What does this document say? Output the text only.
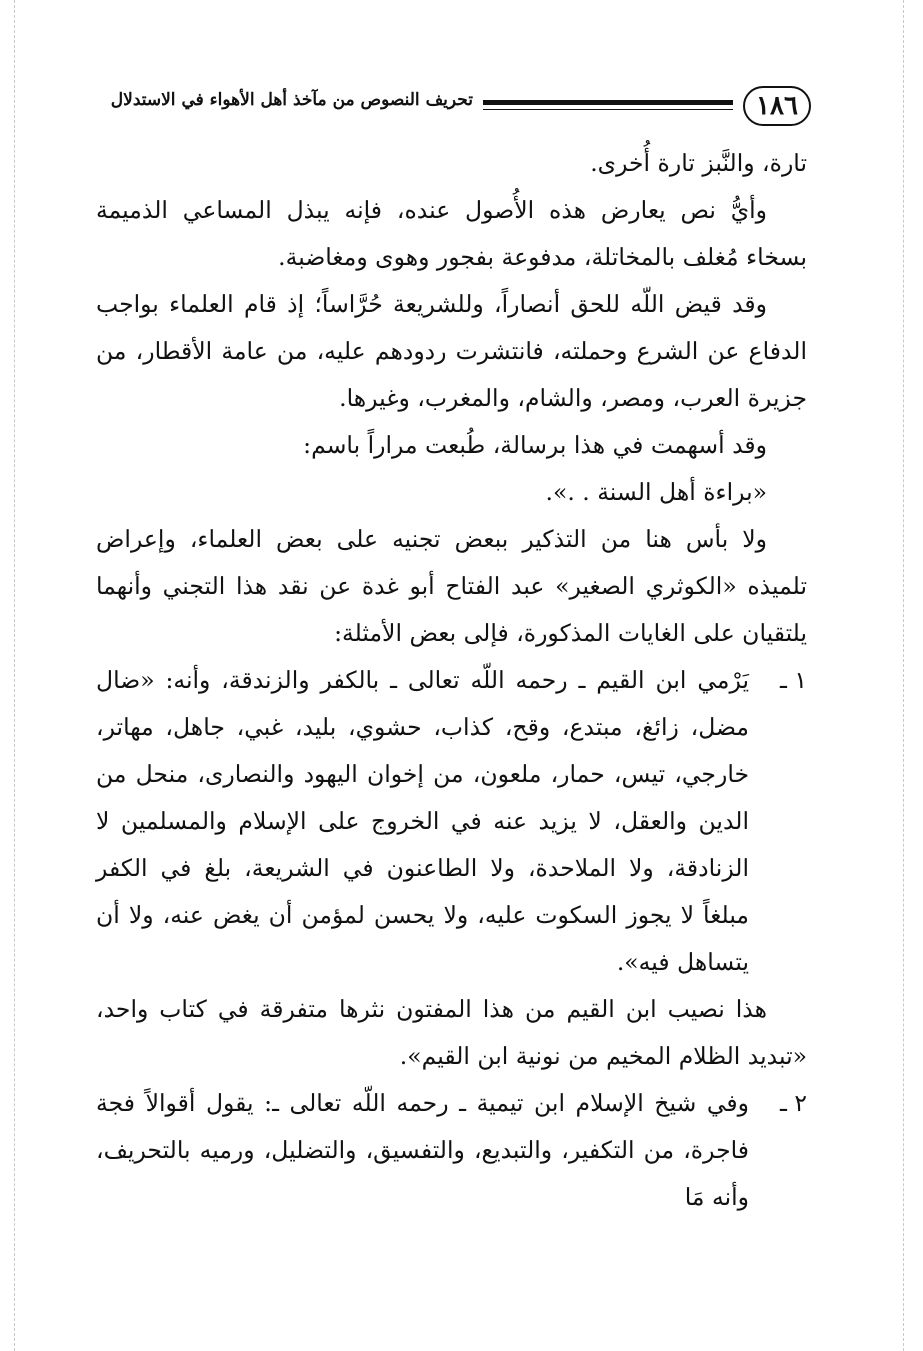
١٨٦
تحريف النصوص من مآخذ أهل الأهواء في الاستدلال

تارة، والنَّبز تارة أُخرى.

وأيُّ نص يعارض هذه الأُصول عنده، فإنه يبذل المساعي الذميمة بسخاء مُغلف بالمخاتلة، مدفوعة بفجور وهوى ومغاضبة.

وقد قيض اللّه للحق أنصاراً، وللشريعة حُرَّاساً؛ إذ قام العلماء بواجب الدفاع عن الشرع وحملته، فانتشرت ردودهم عليه، من عامة الأقطار، من جزيرة العرب، ومصر، والشام، والمغرب، وغيرها.

وقد أسهمت في هذا برسالة، طُبعت مراراً باسم:

«براءة أهل السنة . .».

ولا بأس هنا من التذكير ببعض تجنيه على بعض العلماء، وإعراض تلميذه «الكوثري الصغير» عبد الفتاح أبو غدة عن نقد هذا التجني وأنهما يلتقيان على الغايات المذكورة، فإلى بعض الأمثلة:

١ ـ

يَرْمي ابن القيم ـ رحمه اللّه تعالى ـ بالكفر والزندقة، وأنه: «ضال مضل، زائغ، مبتدع، وقح، كذاب، حشوي، بليد، غبي، جاهل، مهاتر، خارجي، تيس، حمار، ملعون، من إخوان اليهود والنصارى، منحل من الدين والعقل، لا يزيد عنه في الخروج على الإسلام والمسلمين لا الزنادقة، ولا الملاحدة، ولا الطاعنون في الشريعة، بلغ في الكفر مبلغاً لا يجوز السكوت عليه، ولا يحسن لمؤمن أن يغض عنه، ولا أن يتساهل فيه».

هذا نصيب ابن القيم من هذا المفتون نثرها متفرقة في كتاب واحد، «تبديد الظلام المخيم من نونية ابن القيم».

٢ ـ

وفي شيخ الإسلام ابن تيمية ـ رحمه اللّه تعالى ـ: يقول أقوالاً فجة فاجرة، من التكفير، والتبديع، والتفسيق، والتضليل، ورميه بالتحريف، وأنه مَا
